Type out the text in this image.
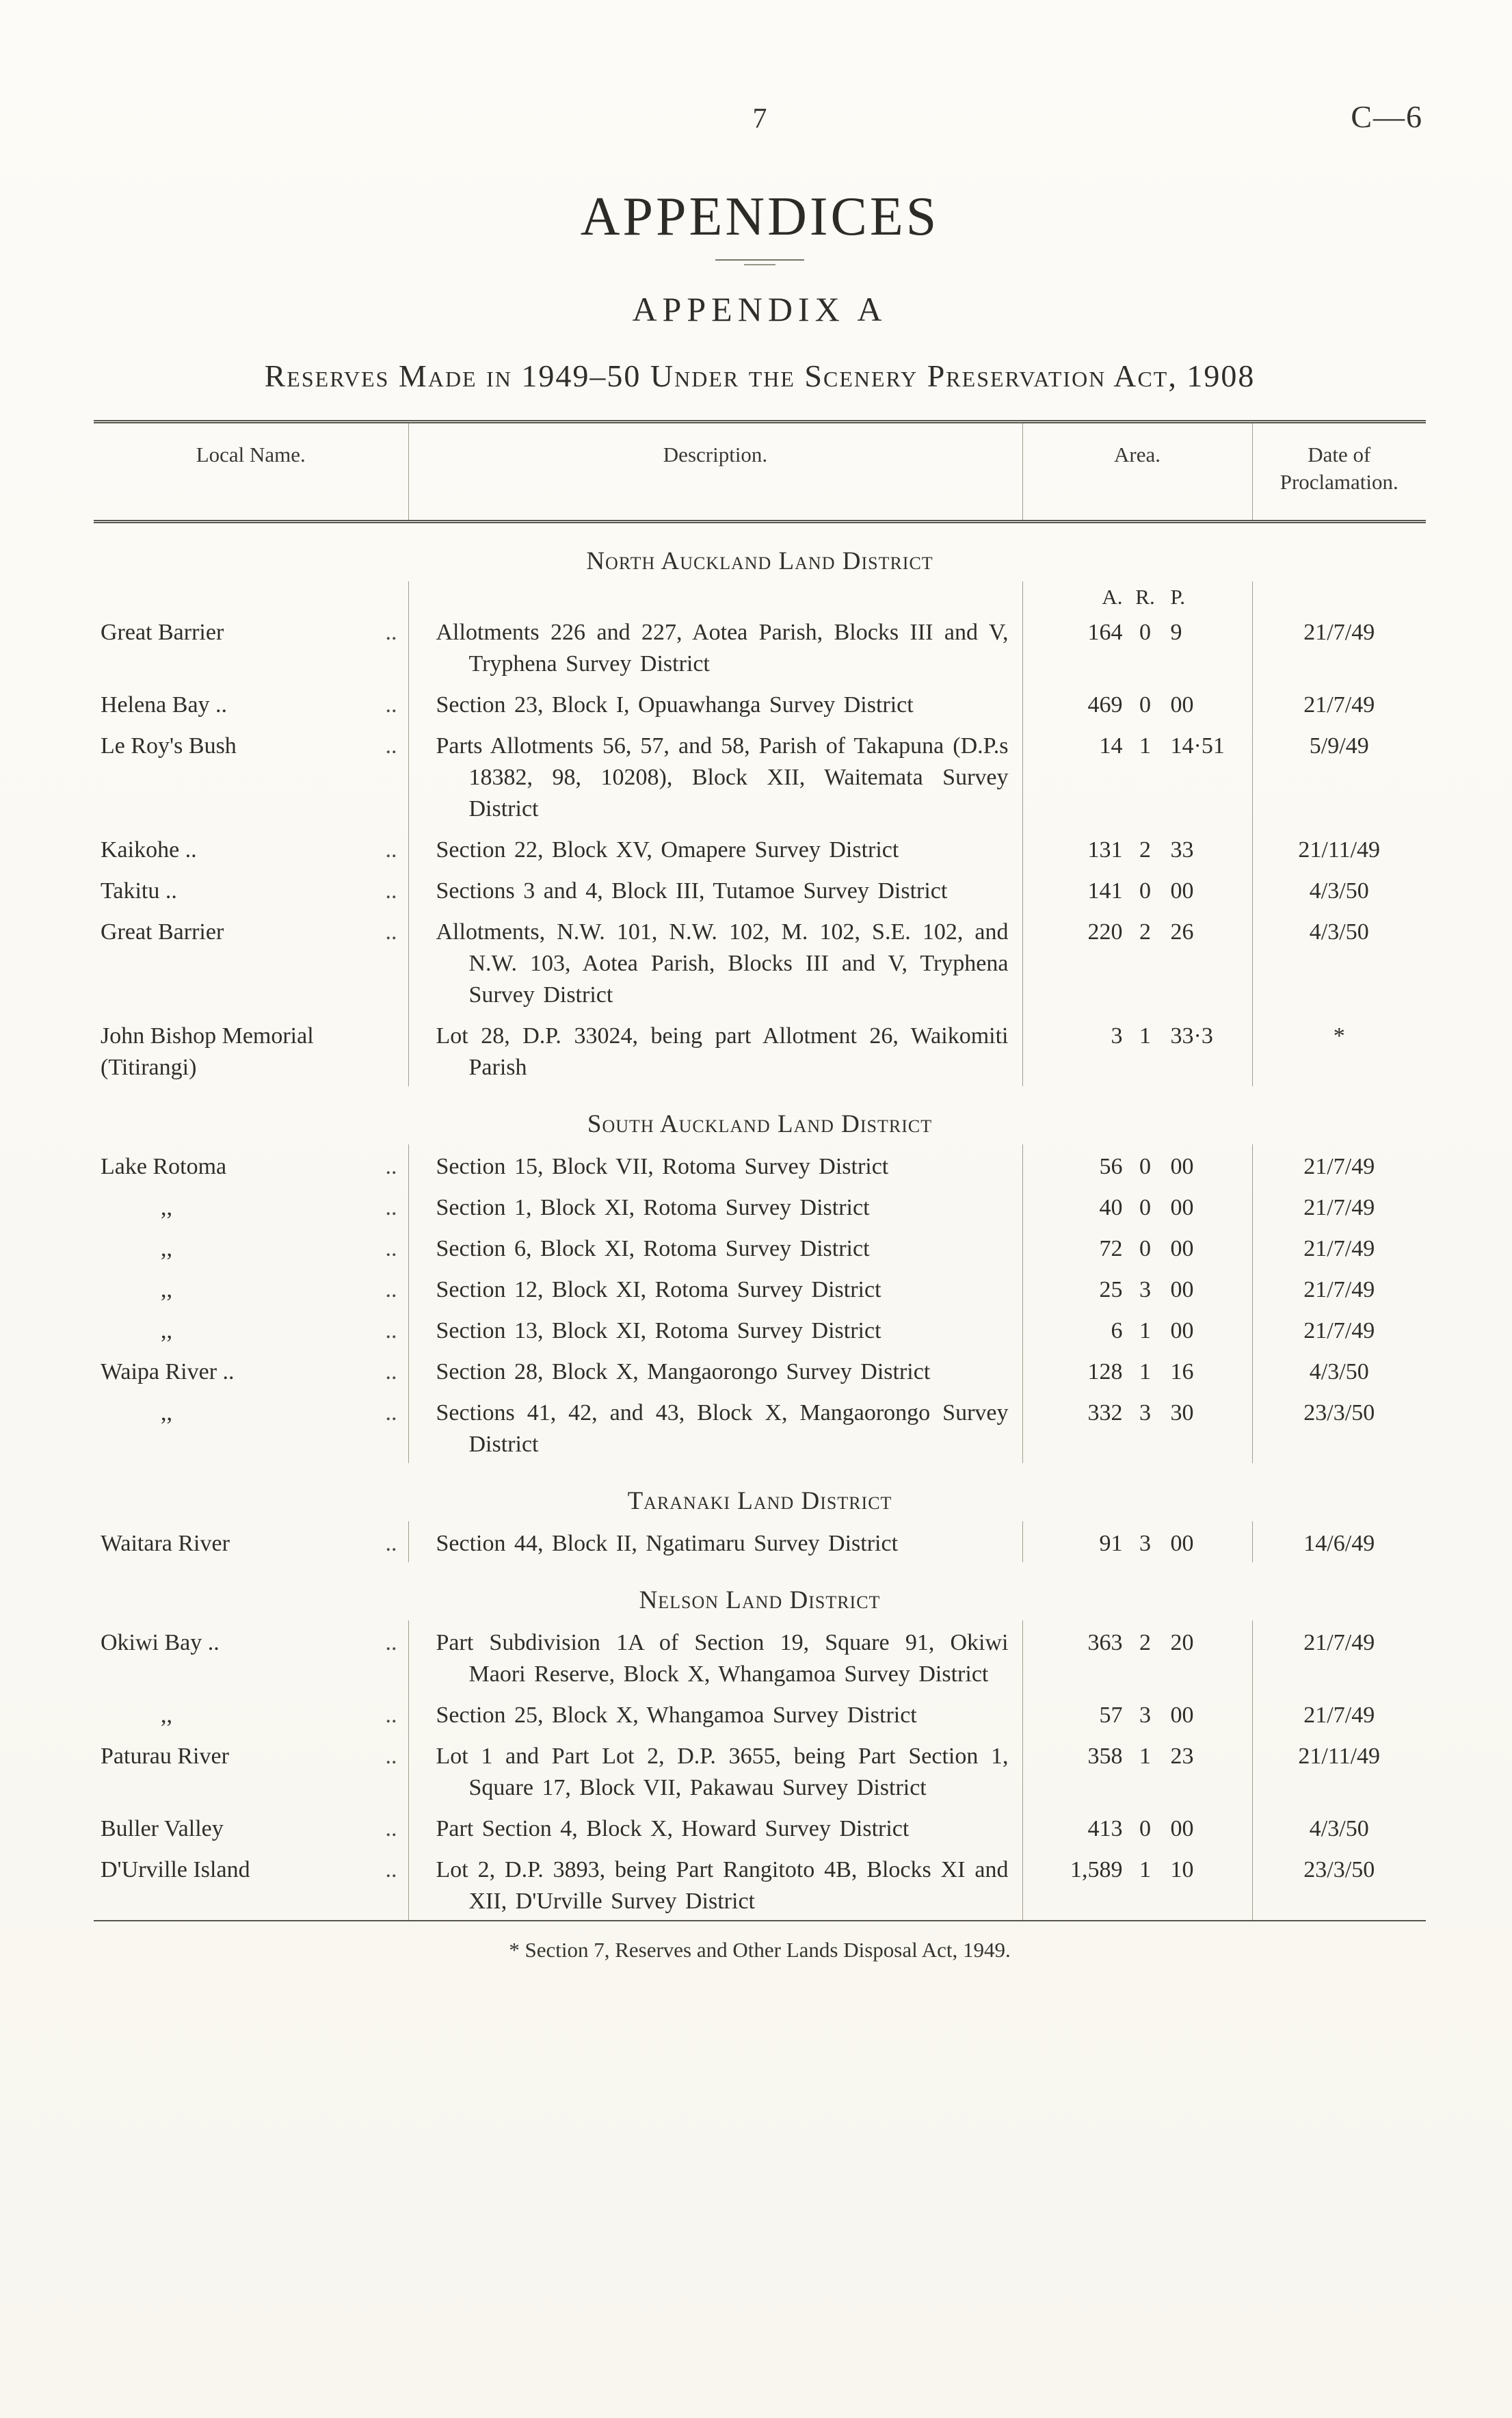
7	C—6
APPENDICES
APPENDIX A
Reserves Made in 1949–50 Under the Scenery Preservation Act, 1908
Local Name.	Description.	Area.	Date of Proclamation.
North Auckland Land District			

		A. R. P.	

Great Barrier ..	Allotments 226 and 227, Aotea Parish, Blocks III and V, Tryphena Survey District	164 0 9	21/7/49

Helena Bay .. ..	Section 23, Block I, Opuawhanga Survey District	469 0 00	21/7/49

Le Roy's Bush ..	Parts Allotments 56, 57, and 58, Parish of Takapuna (D.P.s 18382, 98, 10208), Block XII, Waitemata Survey District	14 1 14·51	5/9/49

Kaikohe .. ..	Section 22, Block XV, Omapere Survey District	131 2 33	21/11/49

Takitu .. ..	Sections 3 and 4, Block III, Tutamoe Survey District	141 0 00	4/3/50

Great Barrier ..	Allotments, N.W. 101, N.W. 102, M. 102, S.E. 102, and N.W. 103, Aotea Parish, Blocks III and V, Tryphena Survey District	220 2 26	4/3/50

John Bishop Memorial (Titirangi)	Lot 28, D.P. 33024, being part Allotment 26, Waikomiti Parish	3 1 33·3	*
South Auckland Land District			

Lake Rotoma ..	Section 15, Block VII, Rotoma Survey District	56 0 00	21/7/49

,, ..	Section 1, Block XI, Rotoma Survey District	40 0 00	21/7/49

,, ..	Section 6, Block XI, Rotoma Survey District	72 0 00	21/7/49

,, ..	Section 12, Block XI, Rotoma Survey District	25 3 00	21/7/49

,, ..	Section 13, Block XI, Rotoma Survey District	6 1 00	21/7/49

Waipa River .. ..	Section 28, Block X, Mangaorongo Survey District	128 1 16	4/3/50

,, ..	Sections 41, 42, and 43, Block X, Mangaorongo Survey District	332 3 30	23/3/50
Taranaki Land District			

Waitara River ..	Section 44, Block II, Ngatimaru Survey District	91 3 00	14/6/49
Nelson Land District			

Okiwi Bay .. ..	Part Subdivision 1A of Section 19, Square 91, Okiwi Maori Reserve, Block X, Whangamoa Survey District	363 2 20	21/7/49

,, ..	Section 25, Block X, Whangamoa Survey District	57 3 00	21/7/49

Paturau River ..	Lot 1 and Part Lot 2, D.P. 3655, being Part Section 1, Square 17, Block VII, Pakawau Survey District	358 1 23	21/11/49

Buller Valley ..	Part Section 4, Block X, Howard Survey District	413 0 00	4/3/50

D'Urville Island ..	Lot 2, D.P. 3893, being Part Rangitoto 4B, Blocks XI and XII, D'Urville Survey District	1,589 1 10	23/3/50
* Section 7, Reserves and Other Lands Disposal Act, 1949.
